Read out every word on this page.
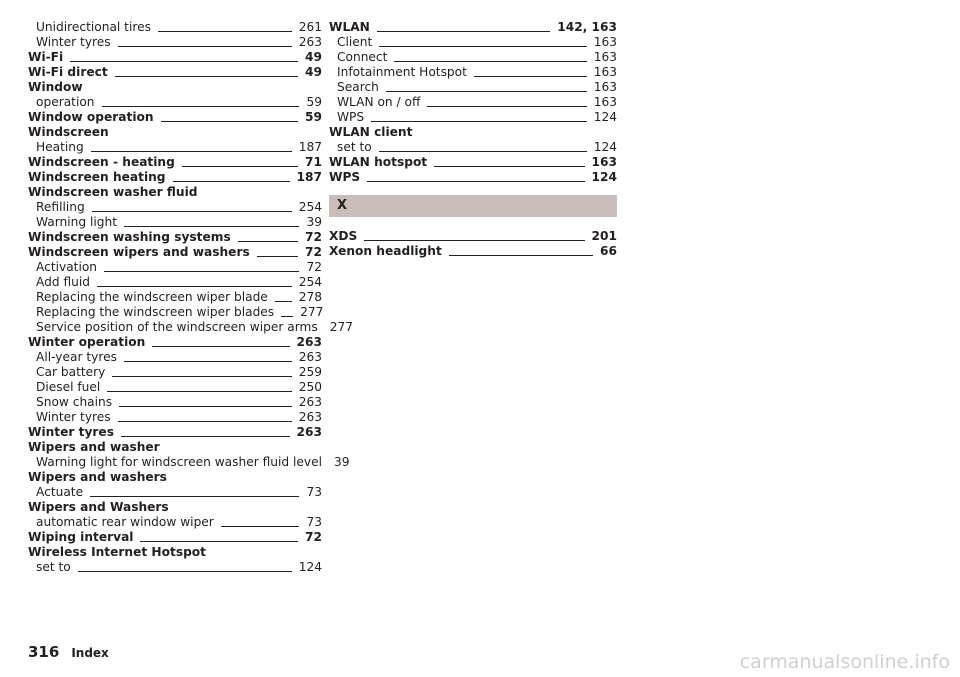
Unidirectional tires	261
Winter tyres	263
Wi-Fi	49
Wi-Fi direct	49
Window
operation	59
Window operation	59
Windscreen
Heating	187
Windscreen - heating	71
Windscreen heating	187
Windscreen washer fluid
Refilling	254
Warning light	39
Windscreen washing systems	72
Windscreen wipers and washers	72
Activation	72
Add fluid	254
Replacing the windscreen wiper blade	278
Replacing the windscreen wiper blades 277
Service position of the windscreen wiper arms 277
Winter operation	263
All-year tyres	263
Car battery	259
Diesel fuel	250
Snow chains	263
Winter tyres	263
Winter tyres	263
Wipers and washer
Warning light for windscreen washer fluid level 39
Wipers and washers
Actuate	73
Wipers and Washers
automatic rear window wiper	73
Wiping interval	72
Wireless Internet Hotspot
set to	124
WLAN	142, 163
Client	163
Connect	163
Infotainment Hotspot	163
Search	163
WLAN on / off	163
WPS	124
WLAN client
set to	124
WLAN hotspot	163
WPS	124
X
XDS	201
Xenon headlight	66
316 Index	carmanualsonline.info
